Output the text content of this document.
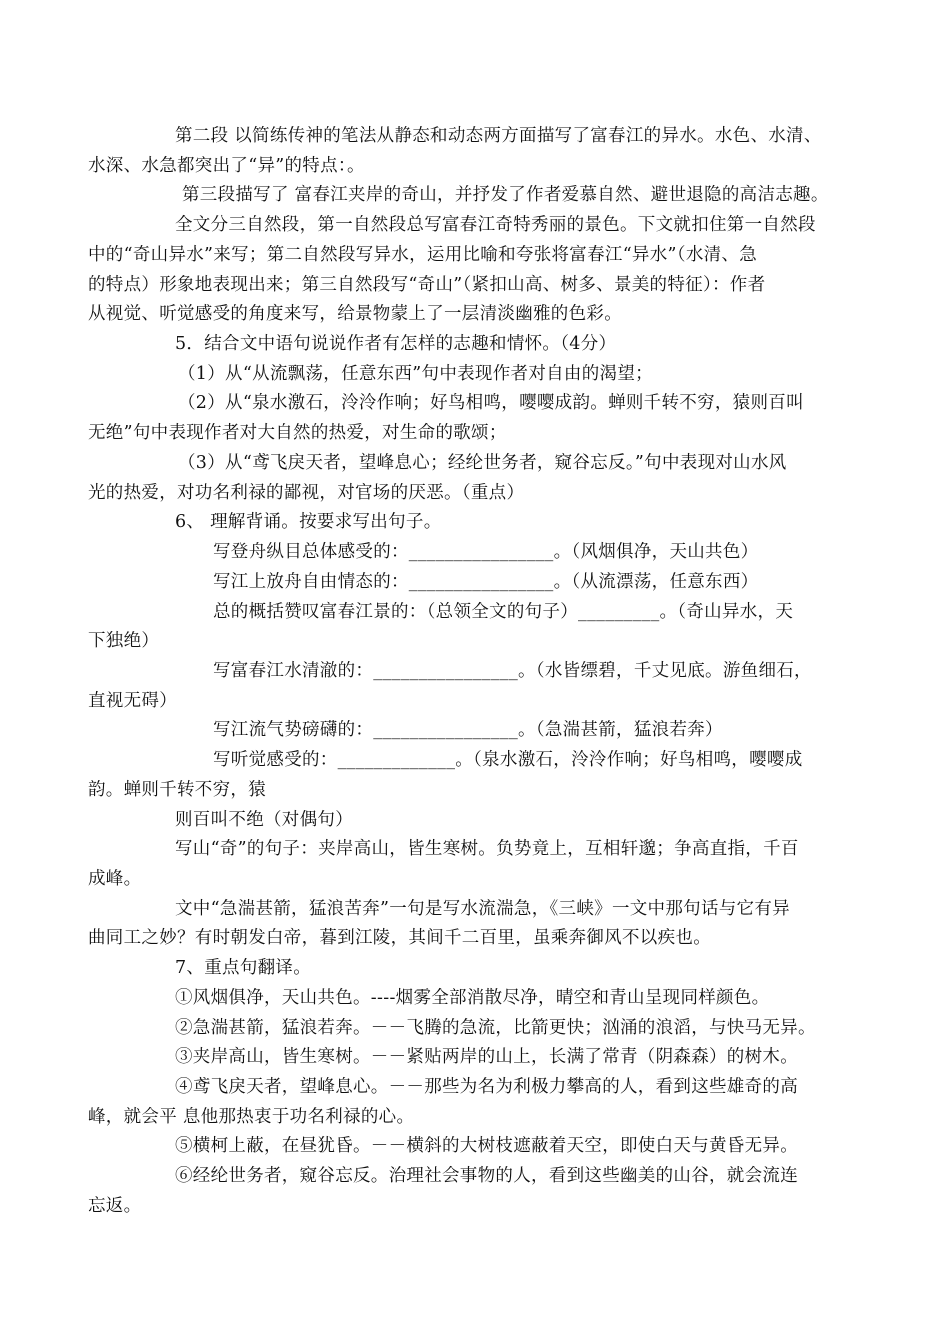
第二段 以简练传神的笔法从静态和动态两方面描写了富春江的异水。水色、水清、
水深、水急都突出了“异”的特点：。
第三段描写了 富春江夹岸的奇山，并抒发了作者爱慕自然、避世退隐的高洁志趣。
全文分三自然段，第一自然段总写富春江奇特秀丽的景色。下文就扣住第一自然段
中的“奇山异水”来写；第二自然段写异水，运用比喻和夸张将富春江“异水”（水清、急
的特点）形象地表现出来；第三自然段写“奇山”（紧扣山高、树多、景美的特征）：作者
从视觉、听觉感受的角度来写，给景物蒙上了一层清淡幽雅的色彩。
5．结合文中语句说说作者有怎样的志趣和情怀。（4分）
（1）从“从流飘荡，任意东西”句中表现作者对自由的渴望；
（2）从“泉水激石，泠泠作响；好鸟相鸣，嘤嘤成韵。蝉则千转不穷，猿则百叫
无绝”句中表现作者对大自然的热爱，对生命的歌颂；
（3）从“鸢飞戾天者，望峰息心；经纶世务者，窥谷忘反。”句中表现对山水风
光的热爱，对功名利禄的鄙视，对官场的厌恶。（重点）
6、 理解背诵。按要求写出句子。
写登舟纵目总体感受的：________________。（风烟俱净，天山共色）
写江上放舟自由情态的：________________。（从流漂荡，任意东西）
总的概括赞叹富春江景的：（总领全文的句子）_________。（奇山异水，天
下独绝）
写富春江水清澈的：________________。（水皆缥碧，千丈见底。游鱼细石，
直视无碍）
写江流气势磅礴的：________________。（急湍甚箭，猛浪若奔）
写听觉感受的：_____________。（泉水激石，泠泠作响；好鸟相鸣，嘤嘤成
韵。蝉则千转不穷，猿
则百叫不绝（对偶句）
写山“奇”的句子：夹岸高山，皆生寒树。负势竟上，互相轩邈；争高直指，千百
成峰。
文中“急湍甚箭，猛浪苦奔”一句是写水流湍急，《三峡》一文中那句话与它有异
曲同工之妙？有时朝发白帝，暮到江陵，其间千二百里，虽乘奔御风不以疾也。
7、重点句翻译。
①风烟俱净，天山共色。----烟雾全部消散尽净，晴空和青山呈现同样颜色。
②急湍甚箭，猛浪若奔。－－飞腾的急流，比箭更快；汹涌的浪滔，与快马无异。
③夹岸高山，皆生寒树。－－紧贴两岸的山上，长满了常青（阴森森）的树木。
④鸢飞戾天者，望峰息心。－－那些为名为利极力攀高的人，看到这些雄奇的高
峰，就会平 息他那热衷于功名利禄的心。
⑤横柯上蔽，在昼犹昏。－－横斜的大树枝遮蔽着天空，即使白天与黄昏无异。
⑥经纶世务者，窥谷忘反。治理社会事物的人，看到这些幽美的山谷，就会流连
忘返。
